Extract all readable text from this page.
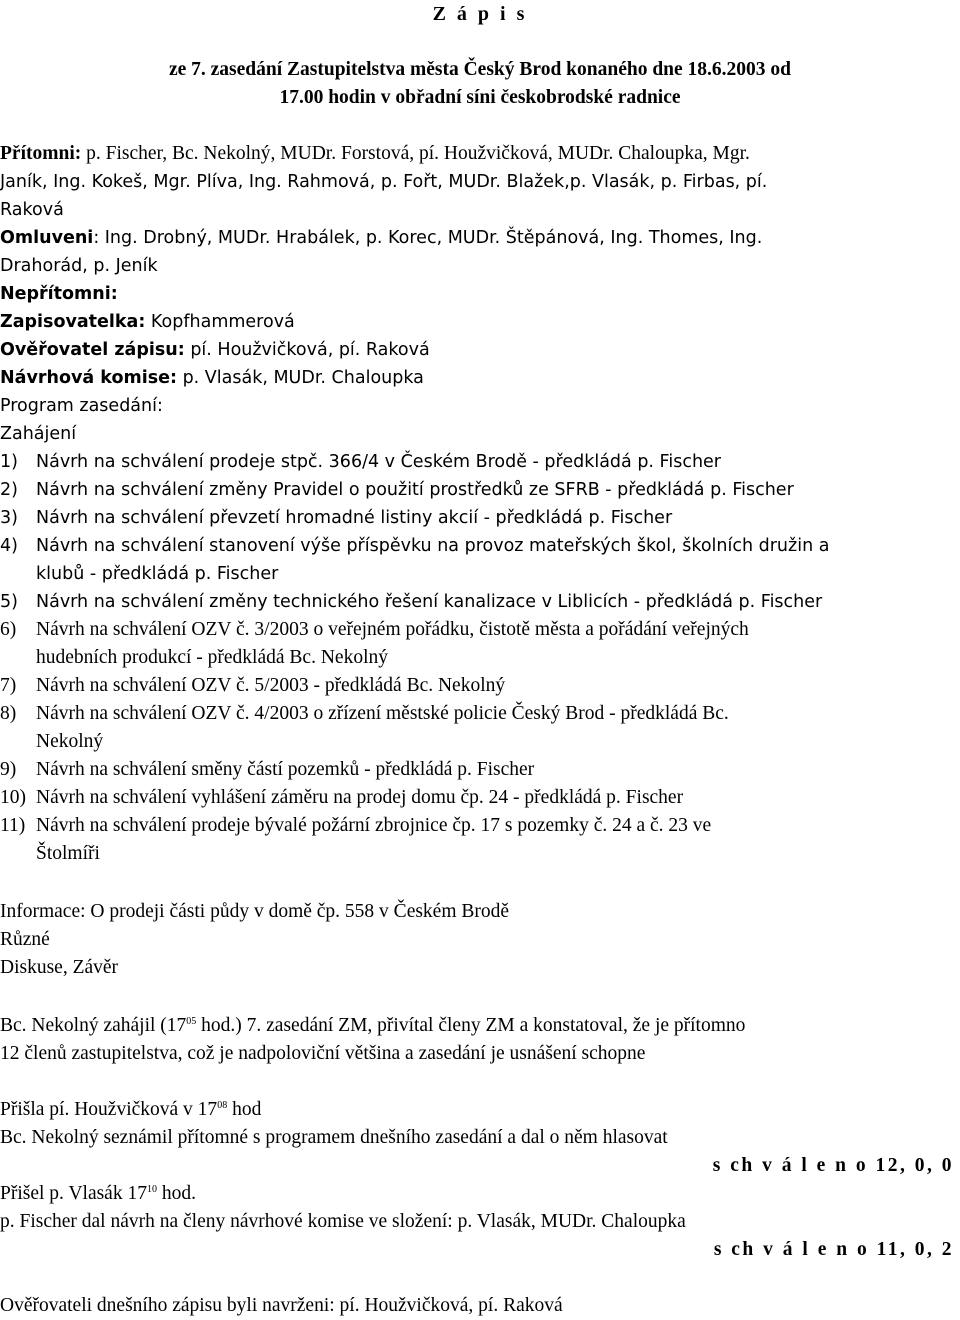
Z á p i s
ze 7. zasedání Zastupitelstva města Český Brod konaného dne 18.6.2003 od
17.00 hodin v obřadní síni českobrodské radnice
Přítomni: p. Fischer, Bc. Nekolný, MUDr. Forstová, pí. Houžvičková, MUDr. Chaloupka, Mgr.
Janík, Ing. Kokeš, Mgr. Plíva, Ing. Rahmová, p. Fořt, MUDr. Blažek,p. Vlasák, p. Firbas, pí.
Raková
Omluveni: Ing. Drobný, MUDr. Hrabálek, p. Korec, MUDr. Štěpánová, Ing. Thomes, Ing.
Drahorád, p. Jeník
Nepřítomni:
Zapisovatelka: Kopfhammerová
Ověřovatel zápisu: pí. Houžvičková, pí. Raková
Návrhová komise: p. Vlasák, MUDr. Chaloupka
Program zasedání:
Zahájení
1) Návrh na schválení prodeje stpč. 366/4 v Českém Brodě - předkládá p. Fischer
2) Návrh na schválení změny Pravidel o použití prostředků ze SFRB - předkládá p. Fischer
3) Návrh na schválení převzetí hromadné listiny akcií - předkládá p. Fischer
4) Návrh na schválení stanovení výše příspěvku na provoz mateřských škol, školních družin a
klubů - předkládá p. Fischer
5) Návrh na schválení změny technického řešení kanalizace v Liblicích - předkládá p. Fischer
6) Návrh na schválení OZV č. 3/2003 o veřejném pořádku, čistotě města a pořádání veřejných
hudebních produkcí - předkládá Bc. Nekolný
7) Návrh na schválení OZV č. 5/2003 - předkládá Bc. Nekolný
8) Návrh na schválení OZV č. 4/2003 o zřízení městské policie Český Brod - předkládá Bc.
Nekolný
9) Návrh na schválení směny částí pozemků - předkládá p. Fischer
10) Návrh na schválení vyhlášení záměru na prodej domu čp. 24 - předkládá p. Fischer
11) Návrh na schválení prodeje bývalé požární zbrojnice čp. 17 s pozemky č. 24 a č. 23 ve
Štolmíři
Informace: O prodeji části půdy v domě čp. 558 v Českém Brodě
Různé
Diskuse, Závěr
Bc. Nekolný zahájil ($17^{05}$ hod.) 7. zasedání ZM, přivítal členy ZM a konstatoval, že je přítomno
12 členů zastupitelstva, což je nadpoloviční většina a zasedání je usnášení schopne
Přišla pí. Houžvičková v $17^{08}$ hod
Bc. Nekolný seznámil přítomné s programem dnešního zasedání a dal o něm hlasovat
s ch v á l e n o 12, 0, 0
Přišel p. Vlasák $17^{10}$ hod.
p. Fischer dal návrh na členy návrhové komise ve složení: p. Vlasák, MUDr. Chaloupka
s ch v á l e n o 11, 0, 2
Ověřovateli dnešního zápisu byli navrženi: pí. Houžvičková, pí. Raková
